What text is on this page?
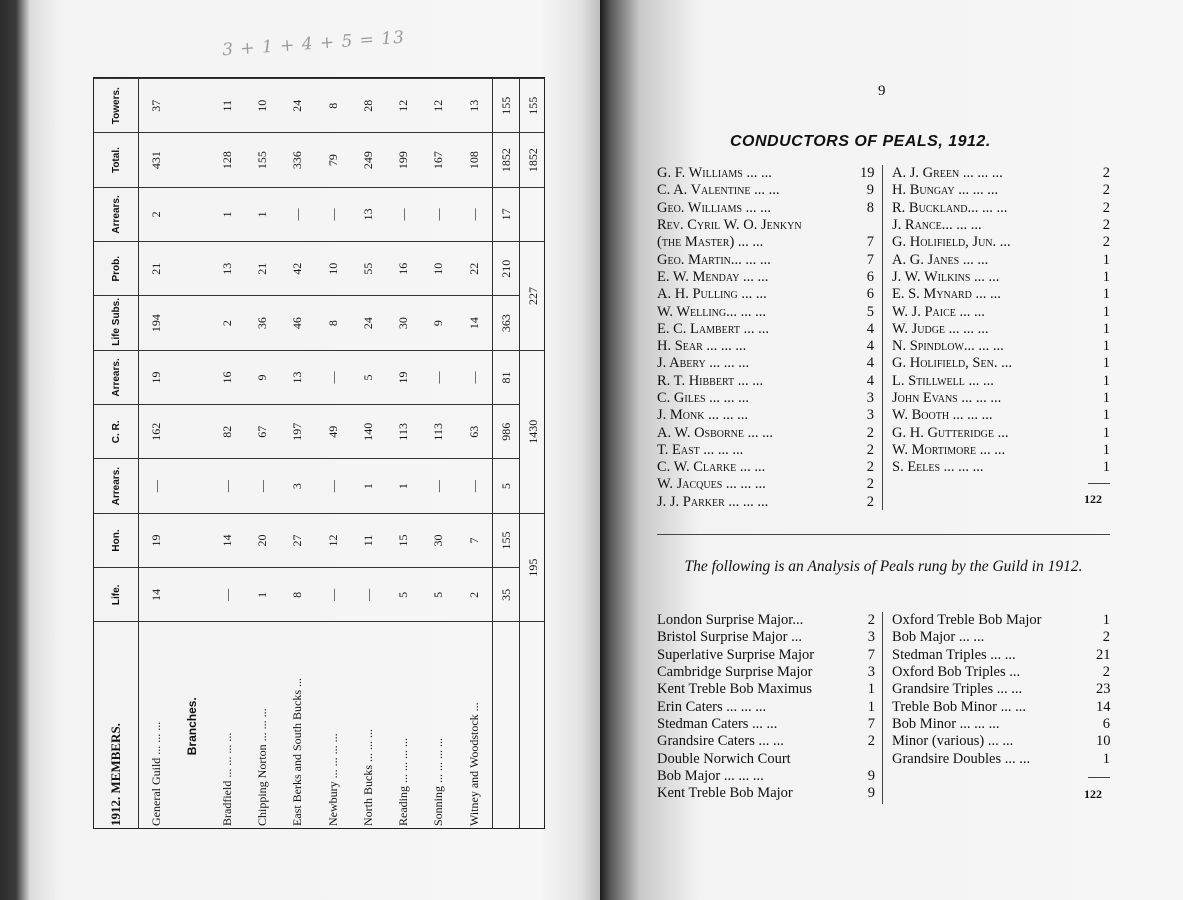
3 + 1 + 4 + 5 = 13
1912. MEMBERS.	Life.	Hon.	Arrears.	C. R.	Arrears.	Life Subs.	Prob.	Arrears.	Total.	Towers.
General Guild ... ... ...	14	19	—	162	19	194	21	2	431	37
Branches.										
Bradfield ... ... ... ...	—	14	—	82	16	2	13	1	128	11
Chipping Norton ... ... ...	1	20	—	67	9	36	21	1	155	10
East Berks and South Bucks ...	8	27	3	197	13	46	42	—	336	24
Newbury ... ... ... ...	—	12	—	49	—	8	10	—	79	8
North Bucks ... ... ...	—	11	1	140	5	24	55	13	249	28
Reading ... ... ... ...	5	15	1	113	19	30	16	—	199	12
Sonning ... ... ... ...	5	30	—	113	—	9	10	—	167	12
Witney and Woodstock ...	2	7	—	63	—	14	22	—	108	13
	35	155	5	986	81	363	210	17	1852	155
	195		1430			227			1852	155
9
CONDUCTORS OF PEALS, 1912.
G. F. Williams ... ...	19
C. A. Valentine ... ...	9
Geo. Williams ... ...	8
Rev. Cyril W. O. Jenkyn
(the Master) ... ...	7
Geo. Martin... ... ...	7
E. W. Menday ... ...	6
A. H. Pulling ... ...	6
W. Welling... ... ...	5
E. C. Lambert ... ...	4
H. Sear ... ... ...	4
J. Abery ... ... ...	4
R. T. Hibbert ... ...	4
C. Giles ... ... ...	3
J. Monk ... ... ...	3
A. W. Osborne ... ...	2
T. East ... ... ...	2
C. W. Clarke ... ...	2
W. Jacques ... ... ...	2
J. J. Parker ... ... ...	2
A. J. Green ... ... ...	2
H. Bungay ... ... ...	2
R. Buckland... ... ...	2
J. Rance... ... ...	2
G. Holifield, Jun. ...	2
A. G. Janes ... ...	1
J. W. Wilkins ... ...	1
E. S. Mynard ... ...	1
W. J. Paice ... ...	1
W. Judge ... ... ...	1
N. Spindlow... ... ...	1
G. Holifield, Sen. ...	1
L. Stillwell ... ...	1
John Evans ... ... ...	1
W. Booth ... ... ...	1
G. H. Gutteridge ...	1
W. Mortimore ... ...	1
S. Eeles ... ... ...	1
122
The following is an Analysis of Peals rung by the Guild in 1912.
London Surprise Major...	2
Bristol Surprise Major ...	3
Superlative Surprise Major	7
Cambridge Surprise Major	3
Kent Treble Bob Maximus	1
Erin Caters ... ... ...	1
Stedman Caters ... ...	7
Grandsire Caters ... ...	2
Double Norwich Court
Bob Major ... ... ...	9
Kent Treble Bob Major	9
Oxford Treble Bob Major	1
Bob Major ... ...	2
Stedman Triples ... ...	21
Oxford Bob Triples ...	2
Grandsire Triples ... ...	23
Treble Bob Minor ... ...	14
Bob Minor ... ... ...	6
Minor (various) ... ...	10
Grandsire Doubles ... ...	1
122
